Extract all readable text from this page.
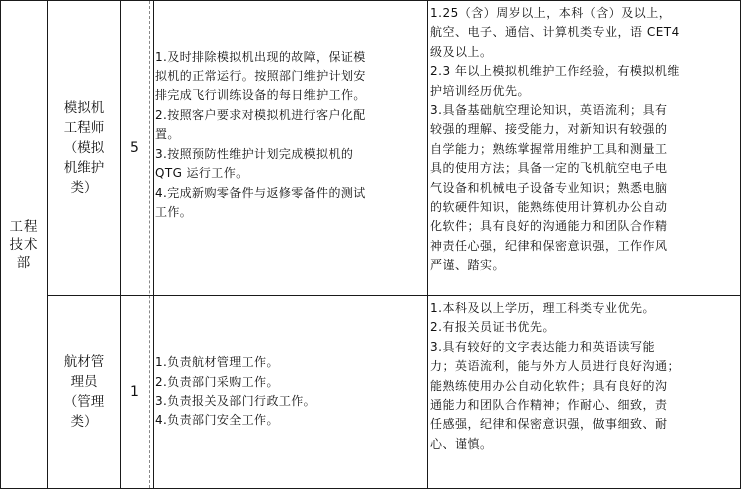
工程技术部
模拟机
工程师
（模拟
机维护
类）
5
1.及时排除模拟机出现的故障，保证模
拟机的正常运行。按照部门维护计划安
排完成飞行训练设备的每日维护工作。
2.按照客户要求对模拟机进行客户化配
置。
3.按照预防性维护计划完成模拟机的
QTG 运行工作。
4.完成新购零备件与返修零备件的测试
工作。
1.25（含）周岁以上，本科（含）及以上，
航空、电子、通信、计算机类专业，语 CET4
级及以上。
2.3 年以上模拟机维护工作经验，有模拟机维
护培训经历优先。
3.具备基础航空理论知识，英语流利；具有
较强的理解、接受能力，对新知识有较强的
自学能力；熟练掌握常用维护工具和测量工
具的使用方法；具备一定的飞机航空电子电
气设备和机械电子设备专业知识；熟悉电脑
的软硬件知识，能熟练使用计算机办公自动
化软件；具有良好的沟通能力和团队合作精
神责任心强，纪律和保密意识强，工作作风
严谨、踏实。
航材管
理员
（管理
类）
1
1.负责航材管理工作。
2.负责部门采购工作。
3.负责报关及部门行政工作。
4.负责部门安全工作。
1.本科及以上学历，理工科类专业优先。
2.有报关员证书优先。
3.具有较好的文字表达能力和英语读写能
力；英语流利，能与外方人员进行良好沟通；
能熟练使用办公自动化软件；具有良好的沟
通能力和团队合作精神；作耐心、细致，责
任感强，纪律和保密意识强，做事细致、耐
心、谨慎。
